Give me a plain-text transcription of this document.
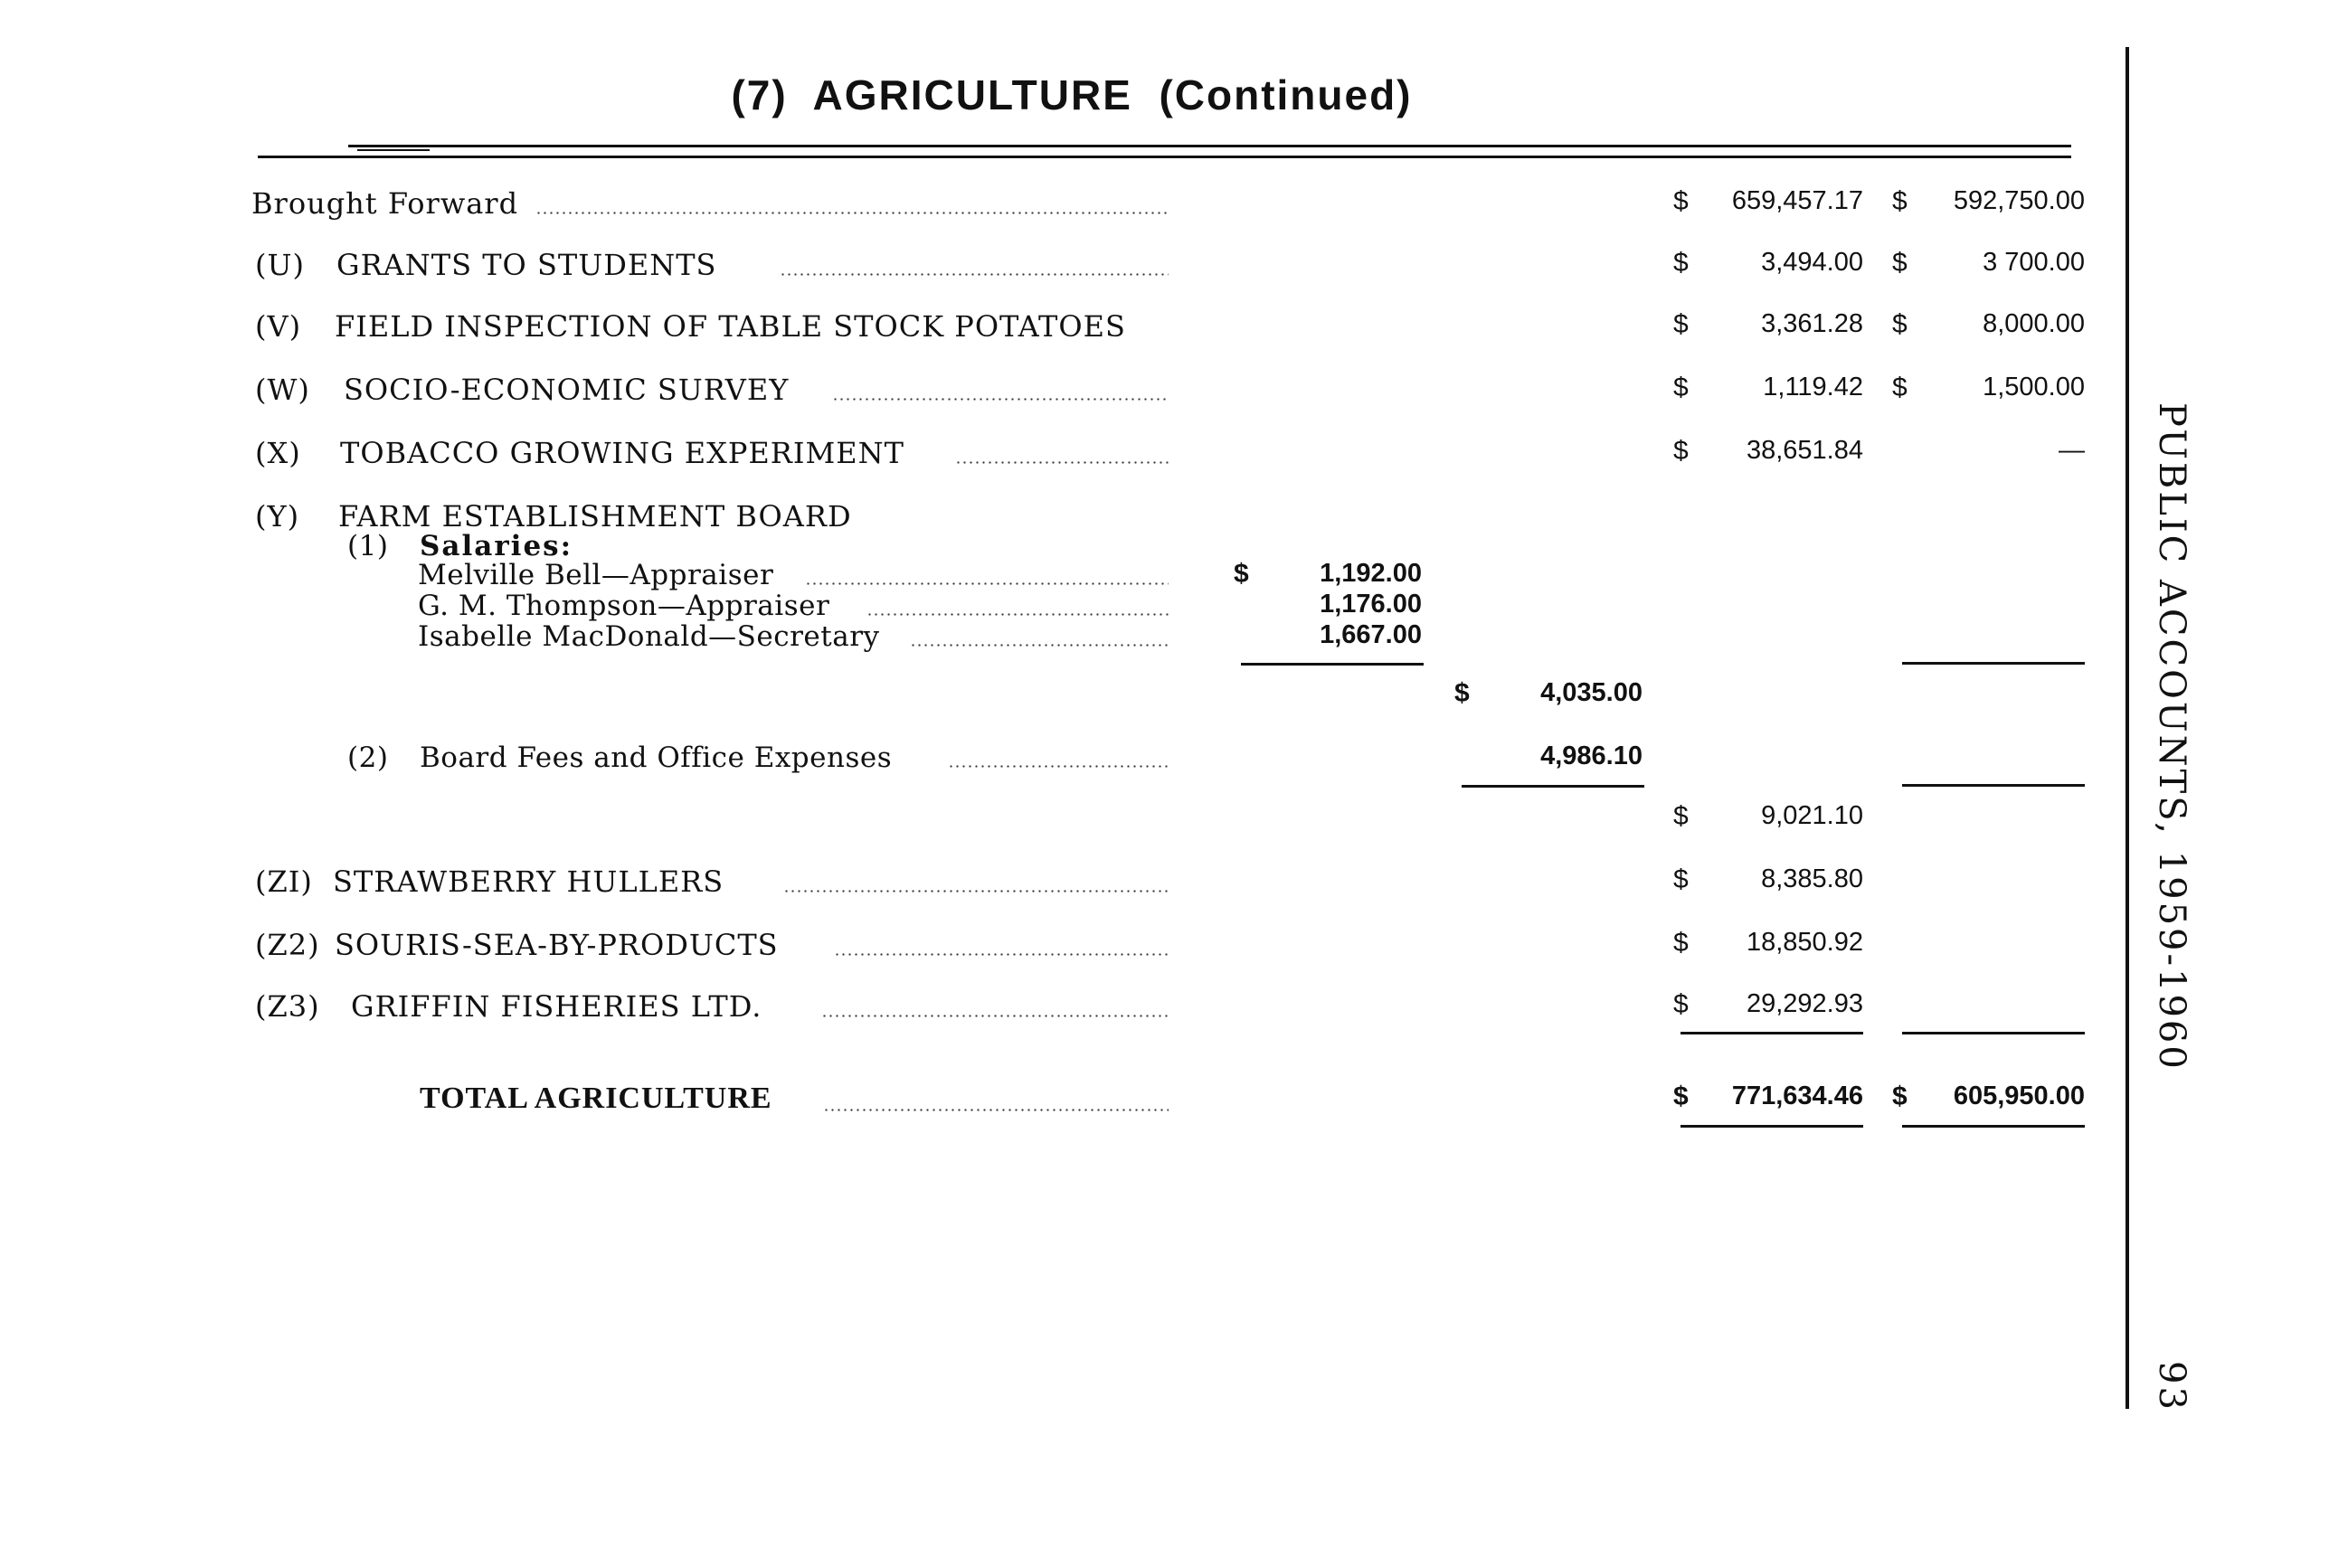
(7)  AGRICULTURE  (Continued)
PUBLIC ACCOUNTS, 1959-1960
93
Brought Forward	$	659,457.17 $	592,750.00
(U) GRANTS TO STUDENTS	$	3,494.00 $	3 700.00
(V) FIELD INSPECTION OF TABLE STOCK POTATOES	$	3,361.28 $	8,000.00
(W) SOCIO-ECONOMIC SURVEY	$	1,119.42 $	1,500.00
(X) TOBACCO GROWING EXPERIMENT	$	38,651.84	—
(Y) FARM ESTABLISHMENT BOARD
(1) Salaries:
Melville Bell—Appraiser	$	1,192.00
G. M. Thompson—Appraiser	1,176.00
Isabelle MacDonald—Secretary	1,667.00
$	4,035.00
(2) Board Fees and Office Expenses	4,986.10
$	9,021.10
(ZI) STRAWBERRY HULLERS	$	8,385.80
(Z2) SOURIS-SEA-BY-PRODUCTS	$	18,850.92
(Z3) GRIFFIN FISHERIES LTD.	$	29,292.93
TOTAL AGRICULTURE	$	771,634.46 $	605,950.00
